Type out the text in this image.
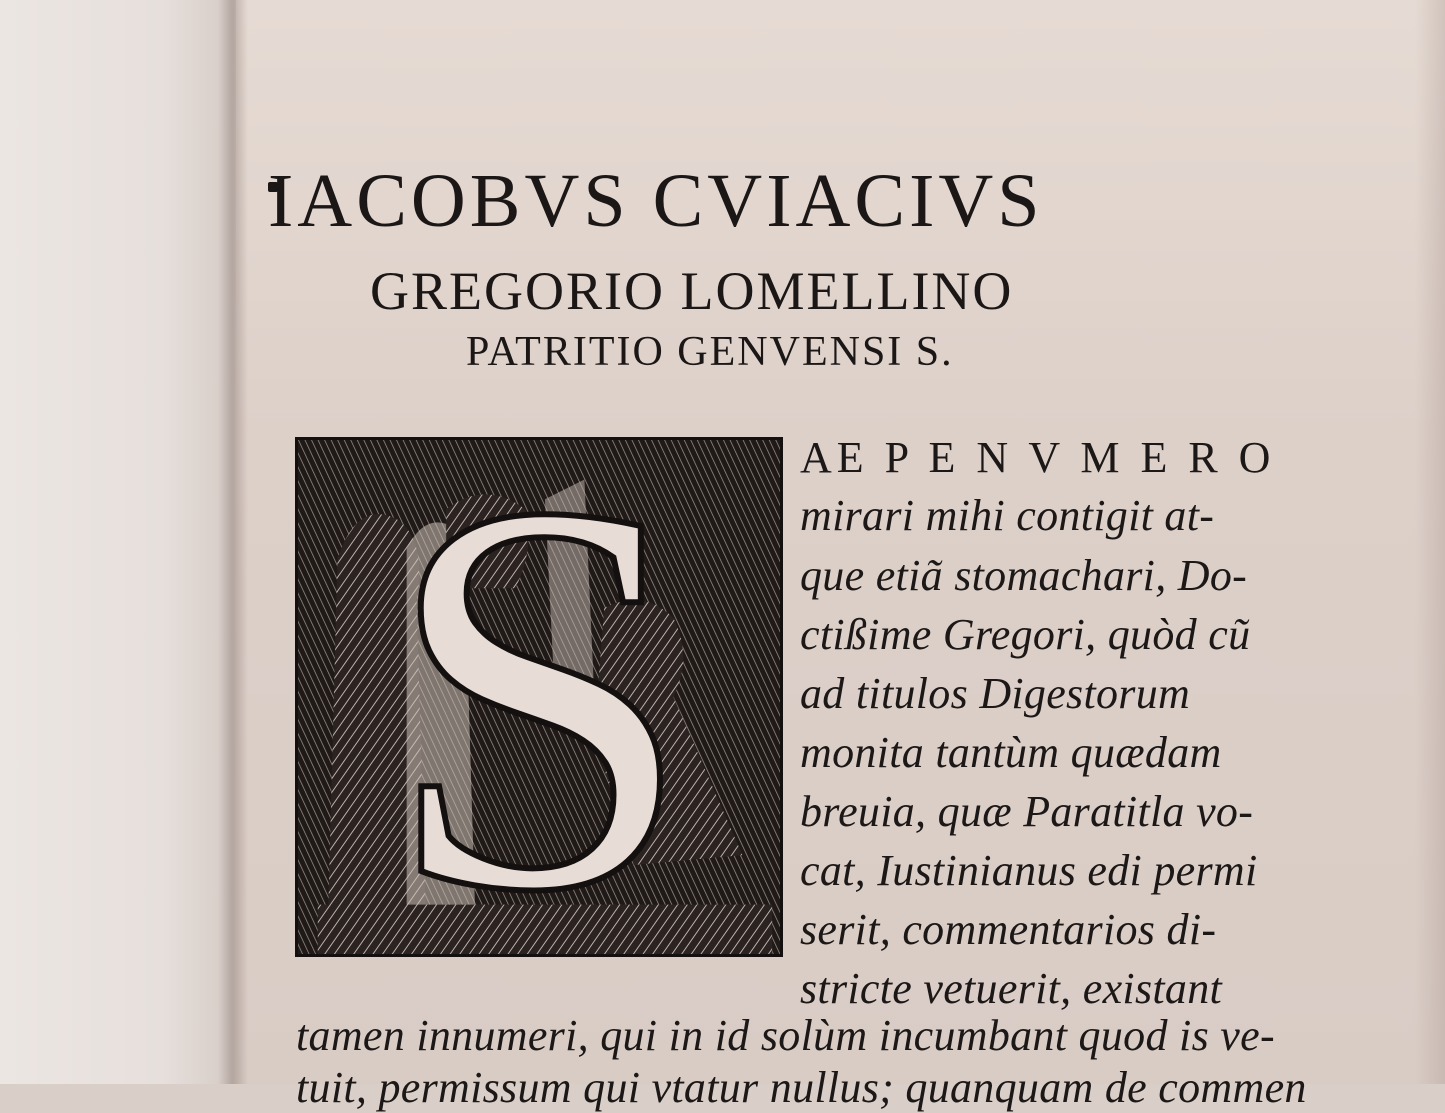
IACOBVS CVIACIVS
GREGORIO LOMELLINO
PATRITIO GENVENSI S.
S	AE P E N V M E R O
mirari mihi contigit at-
que etiã stomachari, Do-
ctißime Gregori, quòd cũ
ad titulos Digestorum
monita tantùm quædam
breuia, quæ Paratitla vo-
cat, Iustinianus edi permi
serit, commentarios di-
stricte vetuerit, existant
tamen innumeri, qui in id solùm incumbant quod is ve-
tuit, permissum qui vtatur nullus; quanquam de commen
